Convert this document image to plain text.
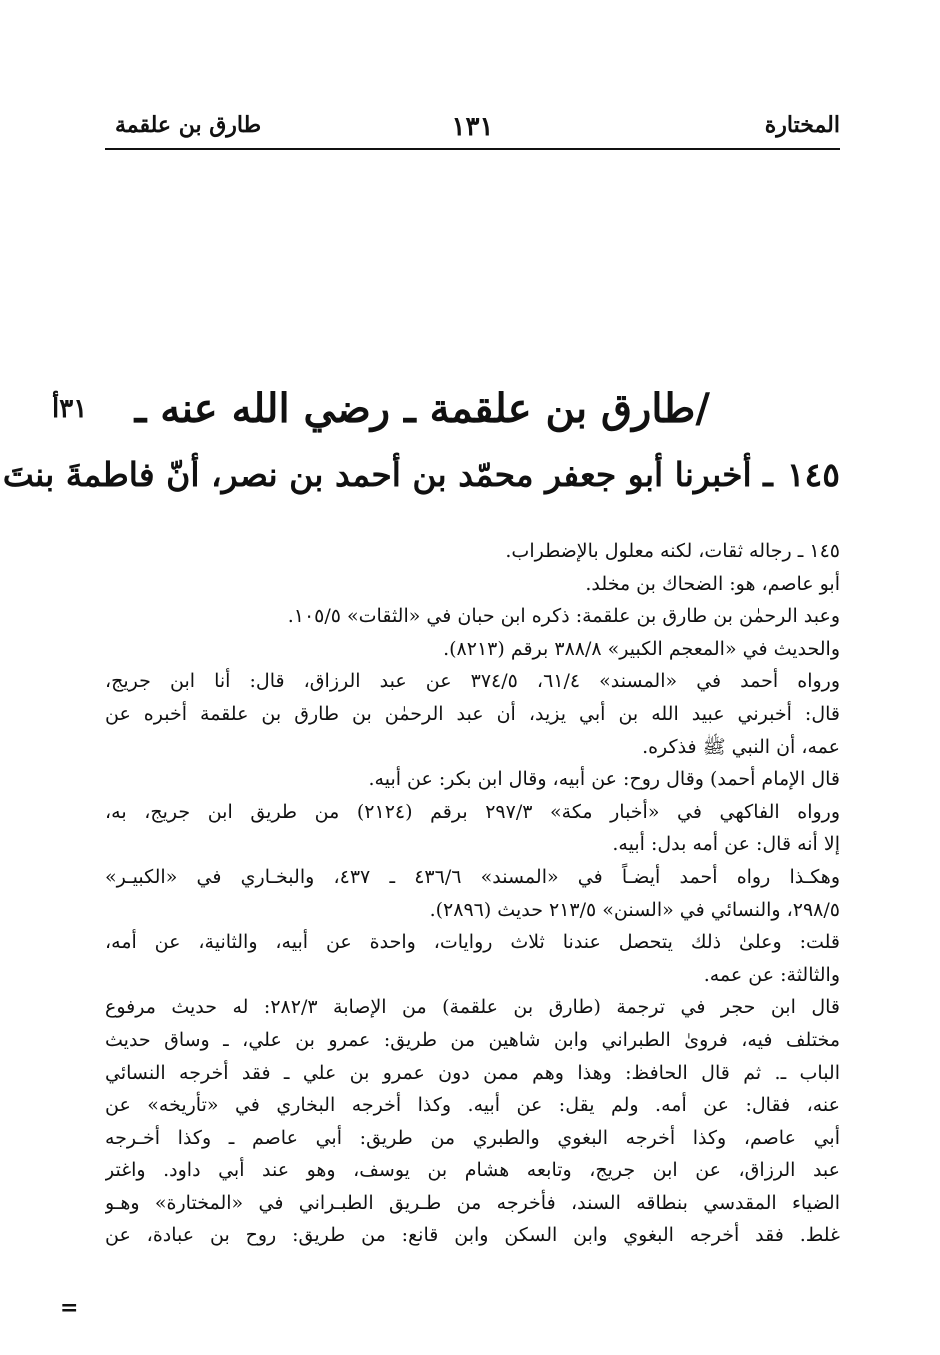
المختارة
١٣١
طارق بن علقمة
٣١أ /طارق بن علقمة ـ رضي الله عنه ـ
١٤٥ـ أخبرنا أبو جعفر محمّد بن أحمد بن نصر، أنّ فاطمةَ بنتَ
١٤٥ ـ رجاله ثقات، لكنه معلول بالإضطراب.
أبو عاصم، هو: الضحاك بن مخلد.
وعبد الرحمٰن بن طارق بن علقمة: ذكره ابن حبان في «الثقات» ١٠٥/٥.
والحديث في «المعجم الكبير» ٣٨٨/٨ برقم (٨٢١٣).
ورواه أحمد في «المسند» ٦١/٤، ٣٧٤/٥ عن عبد الرزاق، قال: أنا ابن جريج،
قال: أخبرني عبيد الله بن أبي يزيد، أن عبد الرحمٰن بن طارق بن علقمة أخبره عن
عمه، أن النبي ﷺ فذكره.
قال الإمام أحمد) وقال روح: عن أبيه، وقال ابن بكر: عن أبيه.
ورواه الفاكهي في «أخبار مكة» ٢٩٧/٣ برقم (٢١٢٤) من طريق ابن جريج، به،
إلا أنه قال: عن أمه بدل: أبيه.
وهكـذا رواه أحمد أيضـاً في «المسند» ٤٣٦/٦ ـ ٤٣٧، والبخـاري في «الكبيـر»
٢٩٨/٥، والنسائي في «السنن» ٢١٣/٥ حديث (٢٨٩٦).
قلت: وعلىٰ ذلك يتحصل عندنا ثلاث روايات، واحدة عن أبيه، والثانية، عن أمه،
والثالثة: عن عمه.
قال ابن حجر في ترجمة (طارق بن علقمة) من الإصابة ٢٨٢/٣: له حديث مرفوع
مختلف فيه، فروىٰ الطبراني وابن شاهين من طريق: عمرو بن علي، ـ وساق حديث
الباب ـ. ثم قال الحافظ: وهذا وهم ممن دون عمرو بن علي ـ فقد أخرجه النسائي
عنه، فقال: عن أمه. ولم يقل: عن أبيه. وكذا أخرجه البخاري في «تأريخه» عن
أبي عاصم، وكذا أخرجه البغوي والطبري من طريق: أبي عاصم ـ وكذا أخـرجه
عبد الرزاق، عن ابن جريج، وتابعه هشام بن يوسف، وهو عند أبي داود. واغتر
الضياء المقدسي بنطاقه السند، فأخرجه من طـريق الطبـراني في «المختارة» وهـو
غلط. فقد أخرجه البغوي وابن السكن وابن قانع: من طريق: روح بن عبادة، عن
=
